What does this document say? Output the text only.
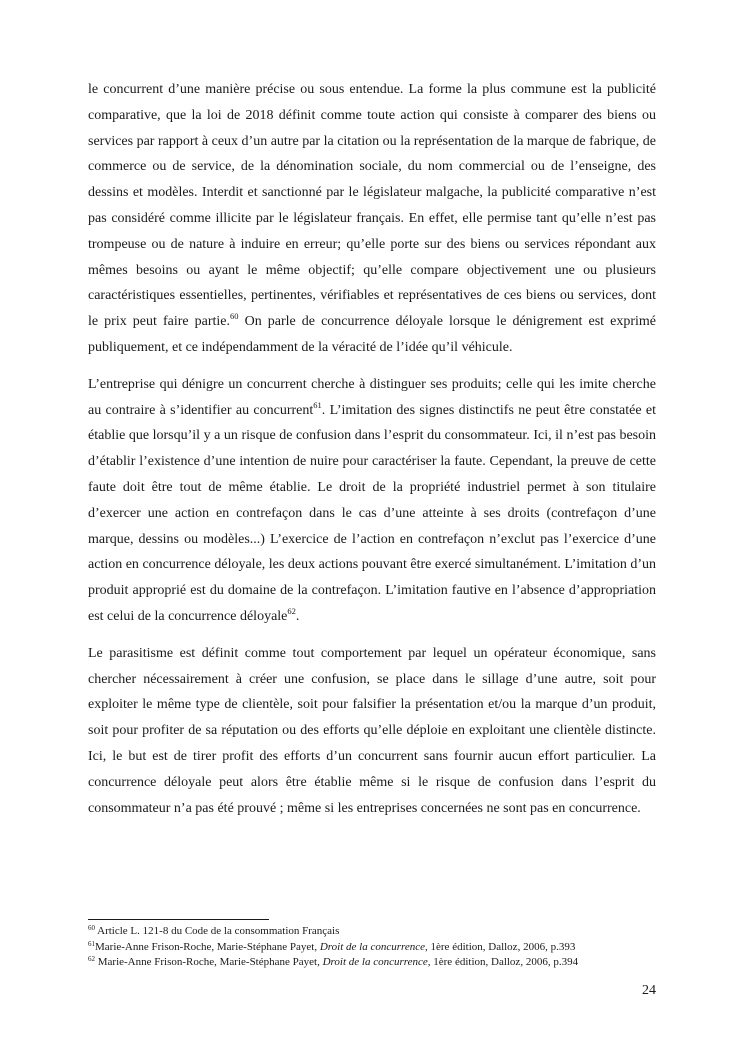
le concurrent d’une manière précise ou sous entendue. La forme la plus commune est la publicité comparative, que la loi de 2018 définit comme toute action qui consiste à comparer des biens ou services par rapport à ceux d’un autre par la citation ou la représentation de la marque de fabrique, de commerce ou de service, de la dénomination sociale, du nom commercial ou de l’enseigne, des dessins et modèles. Interdit et sanctionné par le législateur malgache, la publicité comparative n’est pas considéré comme illicite par le législateur français. En effet, elle permise tant qu’elle n’est pas trompeuse ou de nature à induire en erreur; qu’elle porte sur des biens ou services répondant aux mêmes besoins ou ayant le même objectif; qu’elle compare objectivement une ou plusieurs caractéristiques essentielles, pertinentes, vérifiables et représentatives de ces biens ou services, dont le prix peut faire partie.$^{60}$ On parle de concurrence déloyale lorsque le dénigrement est exprimé publiquement, et ce indépendamment de la véracité de l’idée qu’il véhicule.

L’entreprise qui dénigre un concurrent cherche à distinguer ses produits; celle qui les imite cherche au contraire à s’identifier au concurrent$^{61}$. L’imitation des signes distinctifs ne peut être constatée et établie que lorsqu’il y a un risque de confusion dans l’esprit du consommateur. Ici, il n’est pas besoin d’établir l’existence d’une intention de nuire pour caractériser la faute. Cependant, la preuve de cette faute doit être tout de même établie. Le droit de la propriété industriel permet à son titulaire d’exercer une action en contrefaçon dans le cas d’une atteinte à ses droits (contrefaçon d’une marque, dessins ou modèles...) L’exercice de l’action en contrefaçon n’exclut pas l’exercice d’une action en concurrence déloyale, les deux actions pouvant être exercé simultanément. L’imitation d’un produit approprié est du domaine de la contrefaçon. L’imitation fautive en l’absence d’appropriation est celui de la concurrence déloyale$^{62}$.

Le parasitisme est définit comme tout comportement par lequel un opérateur économique, sans chercher nécessairement à créer une confusion, se place dans le sillage d’une autre, soit pour exploiter le même type de clientèle, soit pour falsifier la présentation et/ou la marque d’un produit, soit pour profiter de sa réputation ou des efforts qu’elle déploie en exploitant une clientèle distincte. Ici, le but est de tirer profit des efforts d’un concurrent sans fournir aucun effort particulier. La concurrence déloyale peut alors être établie même si le risque de confusion dans l’esprit du consommateur n’a pas été prouvé ; même si les entreprises concernées ne sont pas en concurrence.

$^{60}$ Article L. 121-8 du Code de la consommation Français
$^{61}$Marie-Anne Frison-Roche, Marie-Stéphane Payet, Droit de la concurrence, 1ère édition, Dalloz, 2006, p.393
$^{62}$ Marie-Anne Frison-Roche, Marie-Stéphane Payet, Droit de la concurrence, 1ère édition, Dalloz, 2006, p.394
24
